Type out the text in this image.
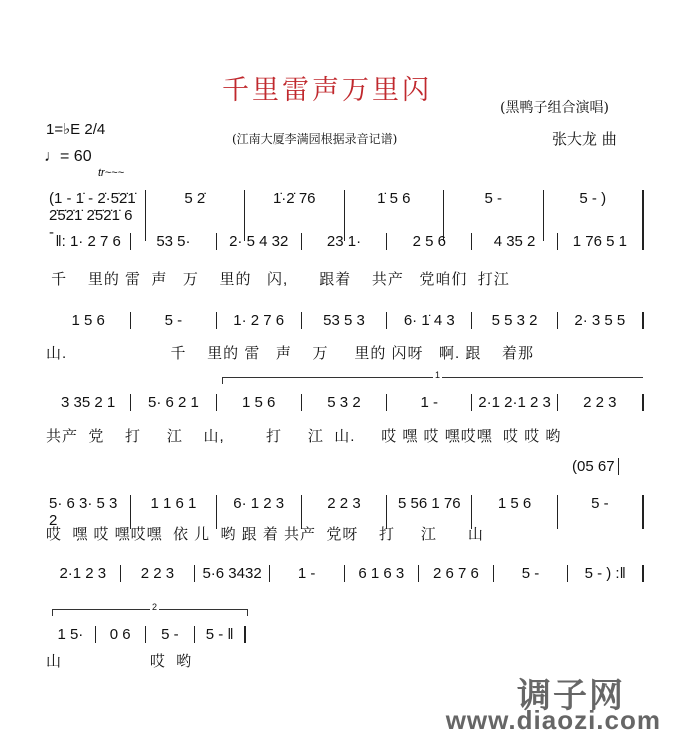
千里雷声万里闪
(黑鸭子组合演唱)
(江南大厦李满园根据录音记谱)	张大龙 曲
1=♭E 2/4
♩= 60
tr~~~
1
2
(1 - 1̇ - 2̇·5̇2̇1̇ 2̇5̇2̇1̇ 2̇5̇2̇1̇ 6 -
5 2̇	1̇·2̇ 76	1̇ 5 6	5 -	5 - )
‖: 1· 2 7 6	53 5·	2· 5 4 32	23 1·	2 5 6	4 35 2	1 76 5 1
千    里的 雷  声   万    里的   闪,      跟着    共产   党咱们  打江
1 5 6	5 -	1· 2 7 6	53 5 3	6· 1̇ 4 3	5 5 3 2	2· 3 5 5
山.                    千    里的 雷   声    万     里的 闪呀   啊. 跟    着那
3 35 2 1	5· 6 2 1	1 5 6	5 3 2	1 -	2·1 2·1 2 3	2 2 3
共产  党    打     江    山,        打     江  山.     哎 嘿 哎 嘿哎嘿  哎 哎 哟
5· 6 3· 5 3 2
1 1 6 1	6· 1 2 3	2 2 3	5 56 1 76	1 5 6	5 -
(05 67
哎  嘿 哎 嘿哎嘿  依 儿  哟 跟 着 共产  党呀    打     江      山
2·1 2 3	2 2 3	5·6 3432	1 -	6 1 6 3	2 6 7 6	5 -	5 - ) :‖
1 5·	0 6	5 -	5 - ‖
山                 哎  哟
调子网
www.diaozi.com
